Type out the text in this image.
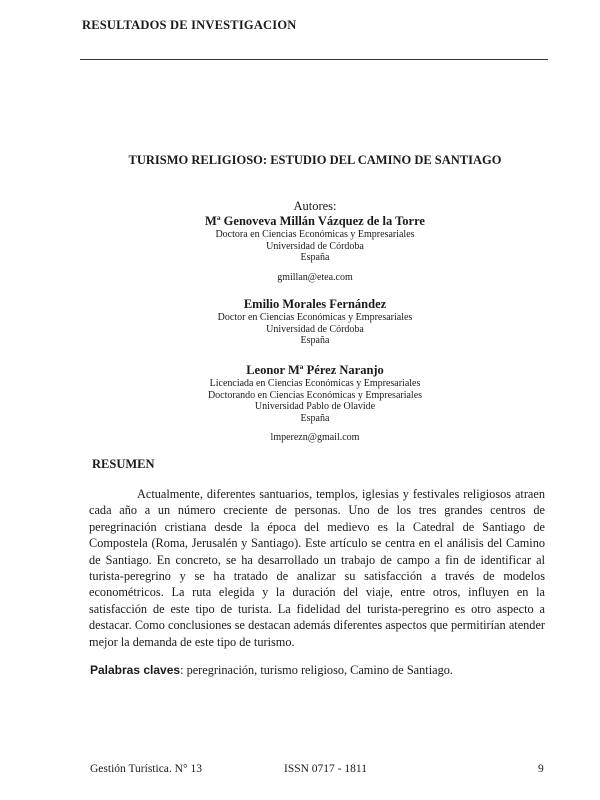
RESULTADOS DE INVESTIGACION
TURISMO RELIGIOSO: ESTUDIO DEL CAMINO DE SANTIAGO
Autores:
Mª Genoveva Millán Vázquez de la Torre
Doctora en Ciencias Económicas y Empresariales
Universidad de Córdoba
España
gmillan@etea.com
Emilio Morales Fernández
Doctor en Ciencias Económicas y Empresariales
Universidad de Córdoba
España
Leonor Mª Pérez Naranjo
Licenciada en Ciencias Económicas y Empresariales
Doctorando en Ciencias Económicas y Empresariales
Universidad Pablo de Olavide
España
lmperezn@gmail.com
RESUMEN

Actualmente, diferentes santuarios, templos, iglesias y festivales religiosos atraen cada año a un número creciente de personas. Uno de los tres grandes centros de peregrinación cristiana desde la época del medievo es la Catedral de Santiago de Compostela (Roma, Jerusalén y Santiago). Este artículo se centra en el análisis del Camino de Santiago. En concreto, se ha desarrollado un trabajo de campo a fin de identificar al turista-peregrino y se ha tratado de analizar su satisfacción a través de modelos econométricos. La ruta elegida y la duración del viaje, entre otros, influyen en la satisfacción de este tipo de turista. La fidelidad del turista-peregrino es otro aspecto a destacar. Como conclusiones se destacan además diferentes aspectos que permitirían atender mejor la demanda de este tipo de turismo.

Palabras claves: peregrinación, turismo religioso, Camino de Santiago.
Gestión Turística. N° 13	ISSN 0717 - 1811	9
